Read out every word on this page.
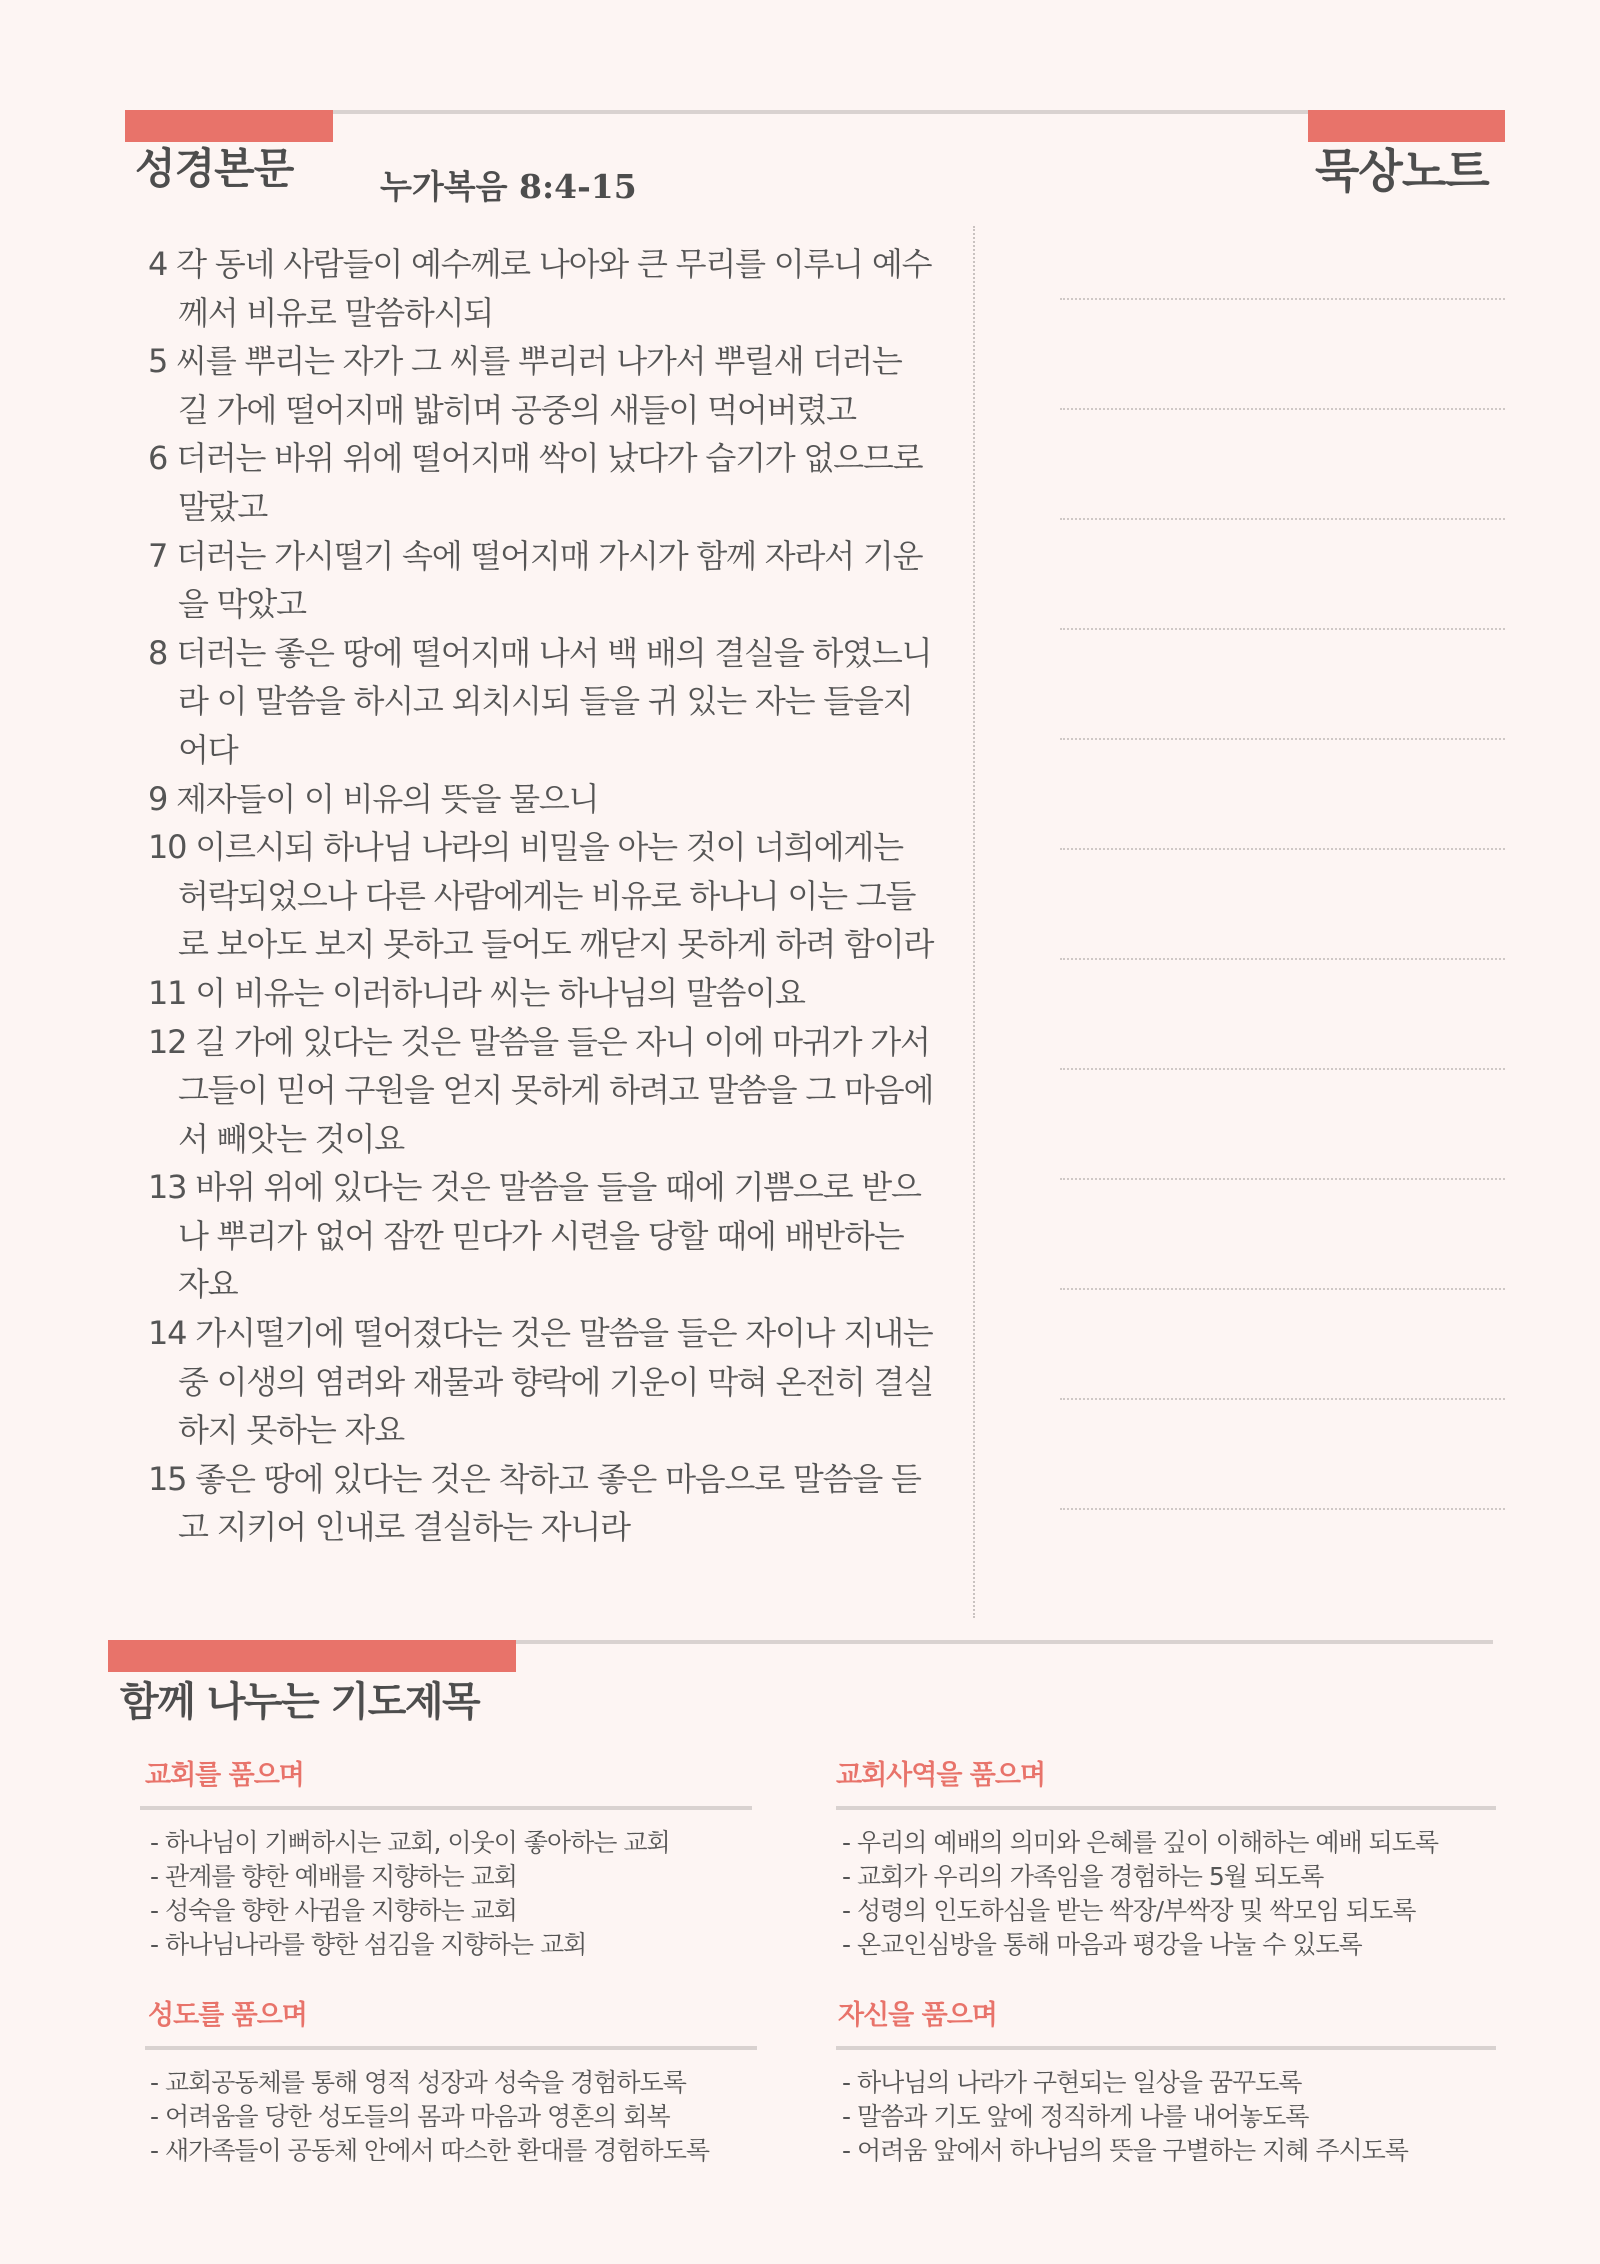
성경본문	누가복음 8:4-15	묵상노트
4 각 동네 사람들이 예수께로 나아와 큰 무리를 이루니 예수께서 비유로 말씀하시되
5 씨를 뿌리는 자가 그 씨를 뿌리러 나가서 뿌릴새 더러는 길 가에 떨어지매 밟히며 공중의 새들이 먹어버렸고
6 더러는 바위 위에 떨어지매 싹이 났다가 습기가 없으므로 말랐고
7 더러는 가시떨기 속에 떨어지매 가시가 함께 자라서 기운을 막았고
8 더러는 좋은 땅에 떨어지매 나서 백 배의 결실을 하였느니라 이 말씀을 하시고 외치시되 들을 귀 있는 자는 들을지어다
9 제자들이 이 비유의 뜻을 물으니
10 이르시되 하나님 나라의 비밀을 아는 것이 너희에게는 허락되었으나 다른 사람에게는 비유로 하나니 이는 그들로 보아도 보지 못하고 들어도 깨닫지 못하게 하려 함이라
11 이 비유는 이러하니라 씨는 하나님의 말씀이요
12 길 가에 있다는 것은 말씀을 들은 자니 이에 마귀가 가서 그들이 믿어 구원을 얻지 못하게 하려고 말씀을 그 마음에서 빼앗는 것이요
13 바위 위에 있다는 것은 말씀을 들을 때에 기쁨으로 받으나 뿌리가 없어 잠깐 믿다가 시련을 당할 때에 배반하는 자요
14 가시떨기에 떨어졌다는 것은 말씀을 들은 자이나 지내는 중 이생의 염려와 재물과 향락에 기운이 막혀 온전히 결실하지 못하는 자요
15 좋은 땅에 있다는 것은 착하고 좋은 마음으로 말씀을 듣고 지키어 인내로 결실하는 자니라
함께 나누는 기도제목
교회를 품으며
- 하나님이 기뻐하시는 교회, 이웃이 좋아하는 교회
- 관계를 향한 예배를 지향하는 교회
- 성숙을 향한 사귐을 지향하는 교회
- 하나님나라를 향한 섬김을 지향하는 교회
교회사역을 품으며
- 우리의 예배의 의미와 은혜를 깊이 이해하는 예배 되도록
- 교회가 우리의 가족임을 경험하는 5월 되도록
- 성령의 인도하심을 받는 싹장/부싹장 및 싹모임 되도록
- 온교인심방을 통해 마음과 평강을 나눌 수 있도록
성도를 품으며
- 교회공동체를 통해 영적 성장과 성숙을 경험하도록
- 어려움을 당한 성도들의 몸과 마음과 영혼의 회복
- 새가족들이 공동체 안에서 따스한 환대를 경험하도록
자신을 품으며
- 하나님의 나라가 구현되는 일상을 꿈꾸도록
- 말씀과 기도 앞에 정직하게 나를 내어놓도록
- 어려움 앞에서 하나님의 뜻을 구별하는 지혜 주시도록
